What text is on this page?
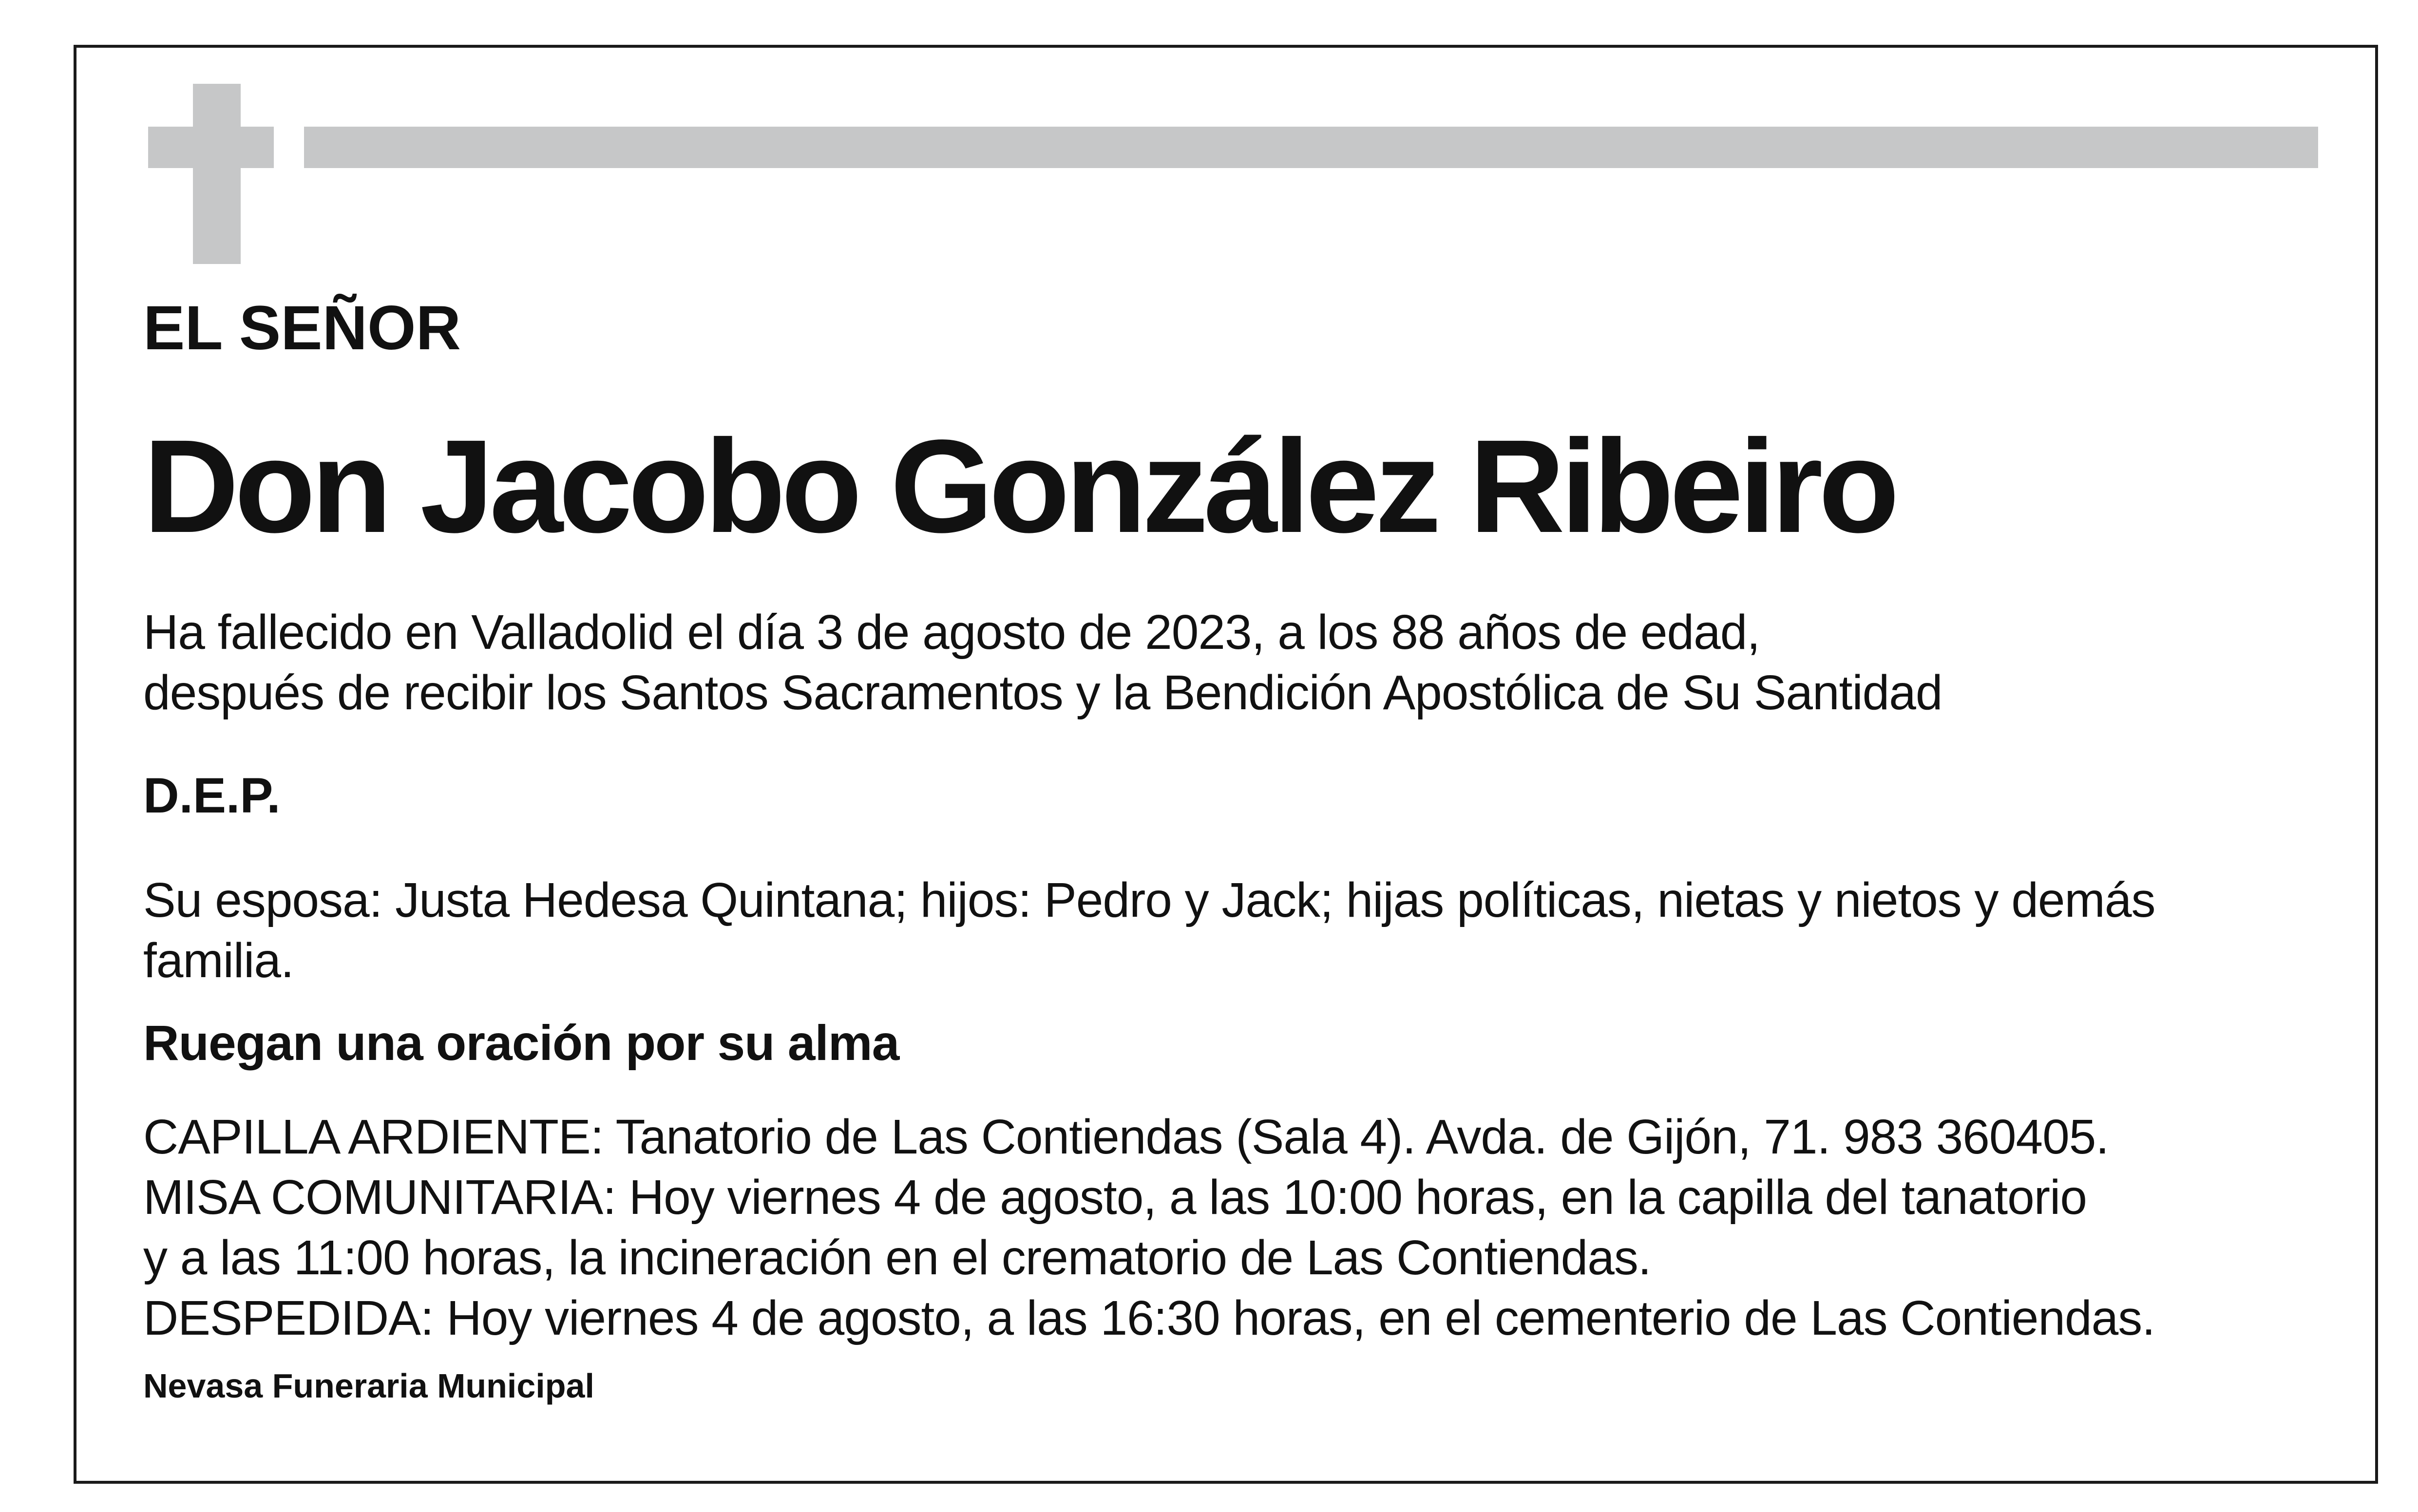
EL SEÑOR

Don Jacobo González Ribeiro

Ha fallecido en Valladolid el día 3 de agosto de 2023, a los 88 años de edad,
después de recibir los Santos Sacramentos y la Bendición Apostólica de Su Santidad

D.E.P.

Su esposa: Justa Hedesa Quintana; hijos: Pedro y Jack; hijas políticas, nietas y nietos y demás
familia.

Ruegan una oración por su alma

CAPILLA ARDIENTE: Tanatorio de Las Contiendas (Sala 4). Avda. de Gijón, 71. 983 360405.
MISA COMUNITARIA: Hoy viernes 4 de agosto, a las 10:00 horas, en la capilla del tanatorio
y a las 11:00 horas, la incineración en el crematorio de Las Contiendas.
DESPEDIDA: Hoy viernes 4 de agosto, a las 16:30 horas, en el cementerio de Las Contiendas.

Nevasa Funeraria Municipal
